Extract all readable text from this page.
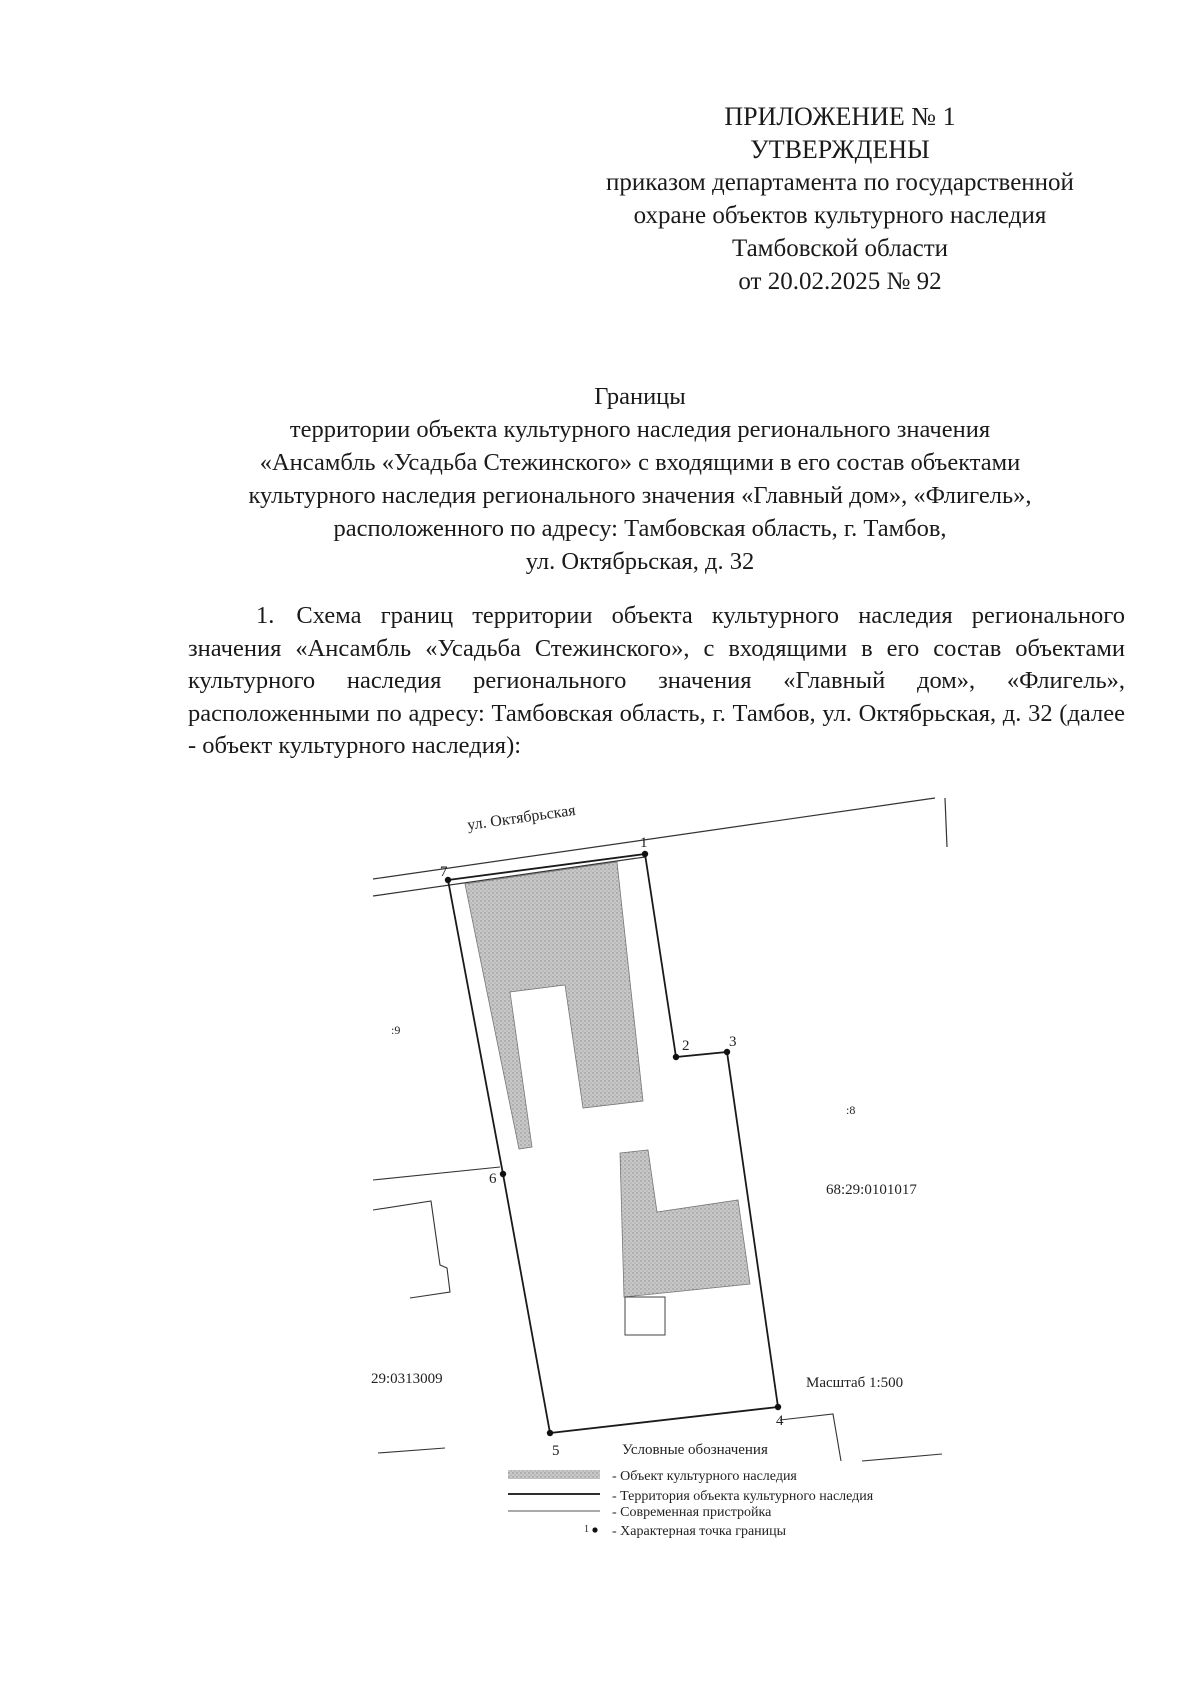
ПРИЛОЖЕНИЕ № 1
УТВЕРЖДЕНЫ
приказом департамента по государственной
охране объектов культурного наследия
Тамбовской области
от 20.02.2025 № 92
Границы
территории объекта культурного наследия регионального значения
«Ансамбль «Усадьба Стежинского» с входящими в его состав объектами
культурного наследия регионального значения «Главный дом», «Флигель»,
расположенного по адресу: Тамбовская область, г. Тамбов,
ул. Октябрьская, д. 32
1. Схема границ территории объекта культурного наследия регионального значения «Ансамбль «Усадьба Стежинского», с входящими в его состав объектами культурного наследия регионального значения «Главный дом», «Флигель», расположенными по адресу: Тамбовская область, г. Тамбов, ул. Октябрьская, д. 32 (далее - объект культурного наследия):
1
2	3
4
5
6
7
ул. Октябрьская
:9
:8
68:29:0101017
29:0313009	Масштаб 1:500
Условные обозначения
- Объект культурного наследия
- Территория объекта культурного наследия
- Современная пристройка
1 - Характерная точка границы
